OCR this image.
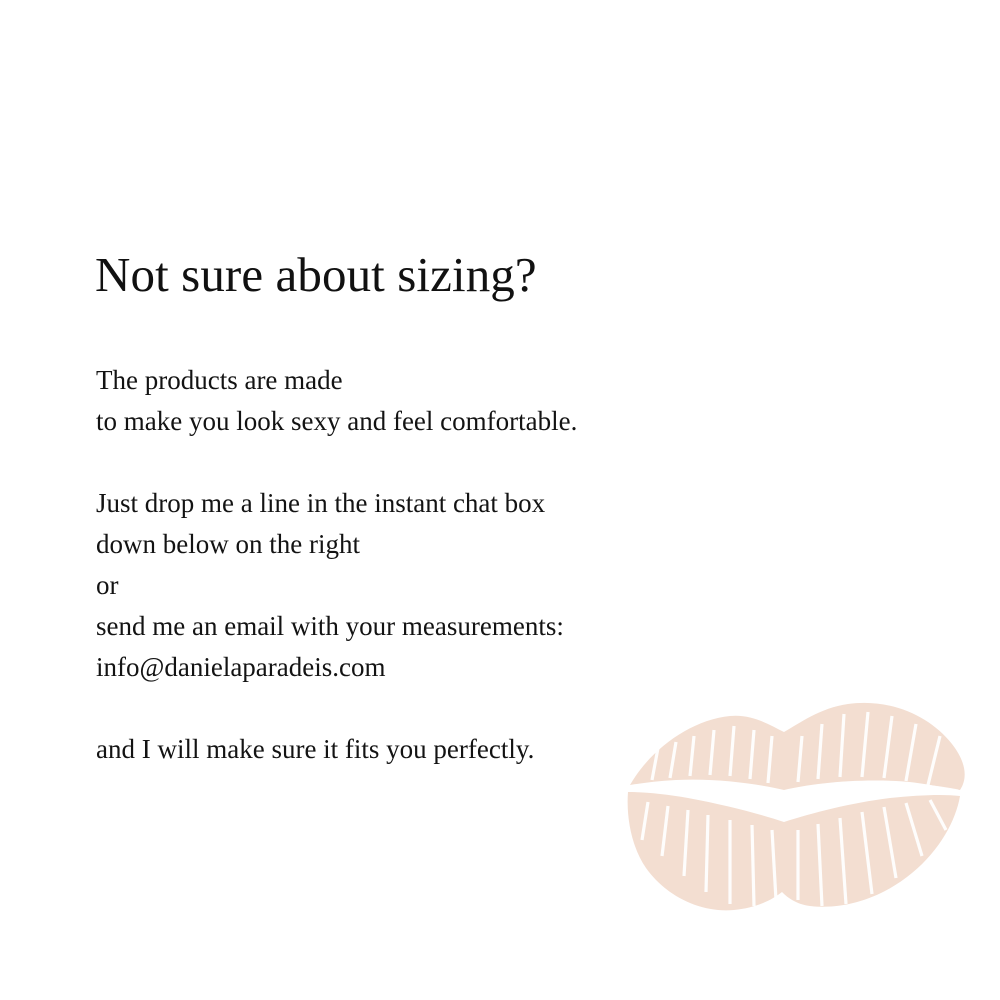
Not sure about sizing?

The products are made
to make you look sexy and feel comfortable.

Just drop me a line in the instant chat box
down below on the right
or
send me an email with your measurements:
info@danielaparadeis.com

and I will make sure it fits you perfectly.
